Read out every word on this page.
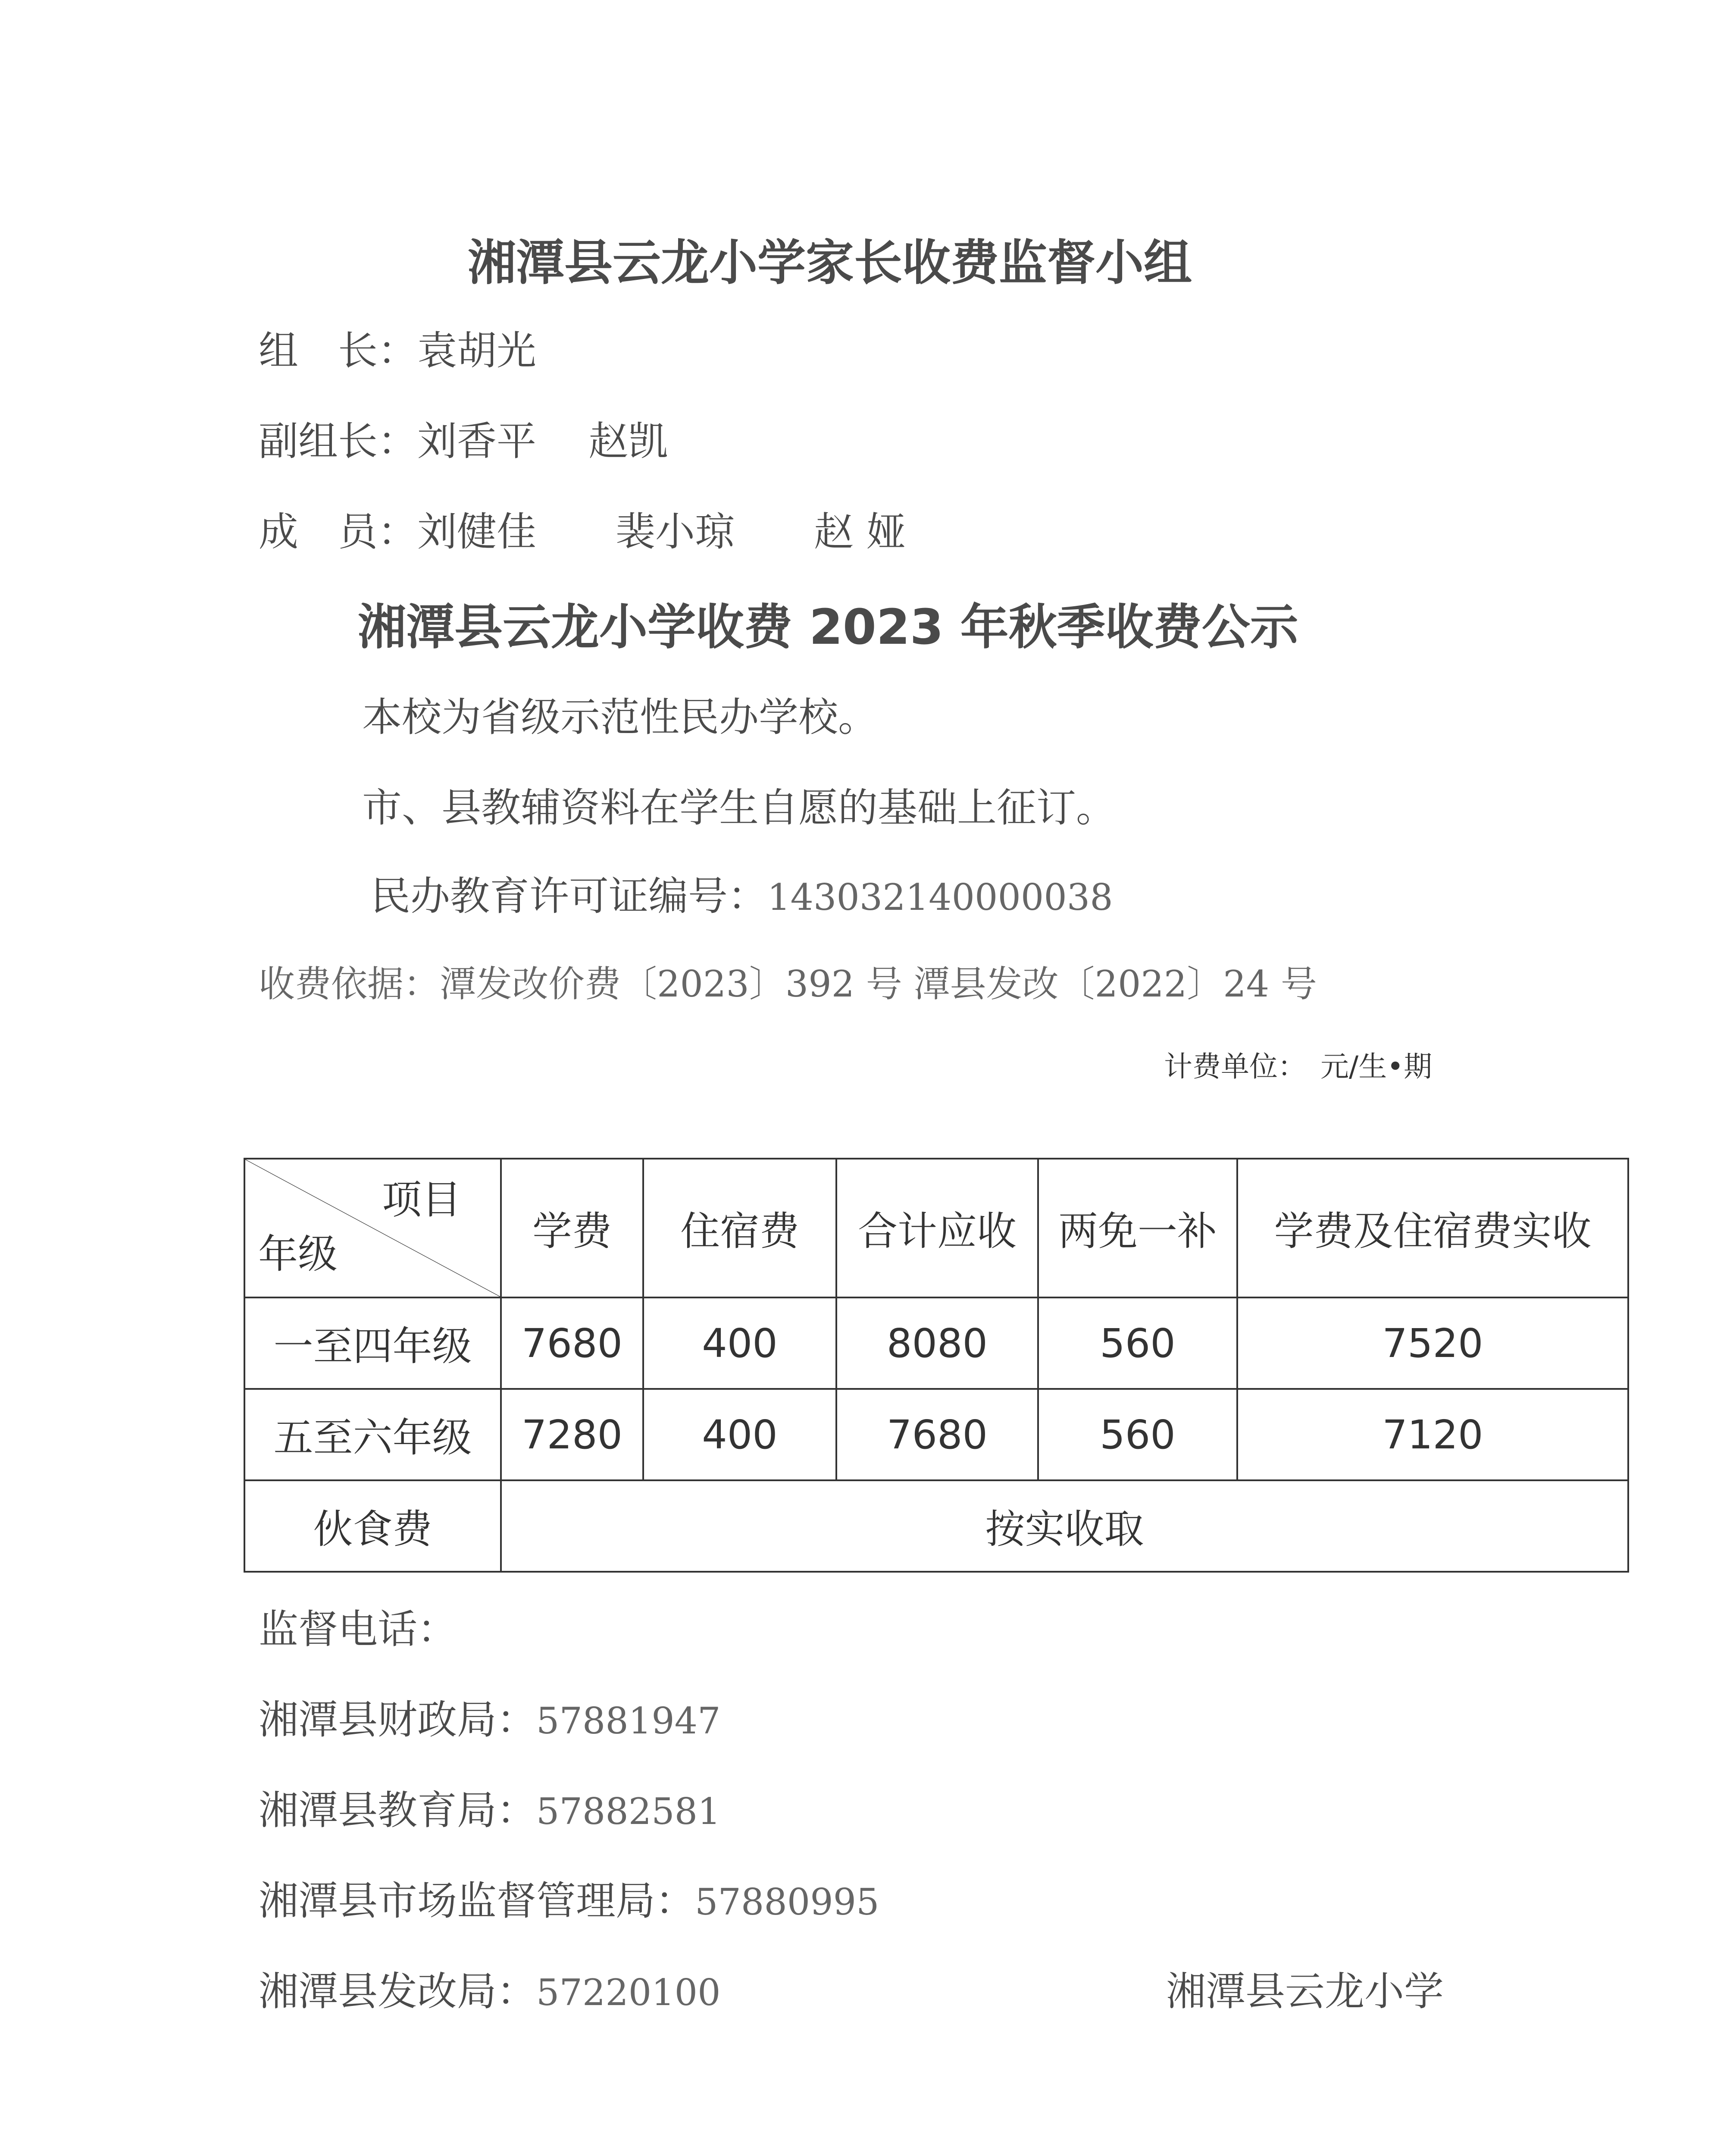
湘潭县云龙小学家长收费监督小组
组　长：袁胡光
副组长：刘香平　 赵凯
成　员：刘健佳　　裴小琼　　赵 娅
湘潭县云龙小学收费 2023 年秋季收费公示
本校为省级示范性民办学校。
市、县教辅资料在学生自愿的基础上征订。
民办教育许可证编号：143032140000038
收费依据：潭发改价费〔2023〕392 号 潭县发改〔2022〕24 号
计费单位：　元/生•期
项目
年级	学费	住宿费	合计应收	两免一补	学费及住宿费实收
一至四年级	7680	400	8080	560	7520
五至六年级	7280	400	7680	560	7120
伙食费	按实收取				
监督电话：
湘潭县财政局：57881947
湘潭县教育局：57882581
湘潭县市场监督管理局：57880995
湘潭县发改局：57220100	湘潭县云龙小学
